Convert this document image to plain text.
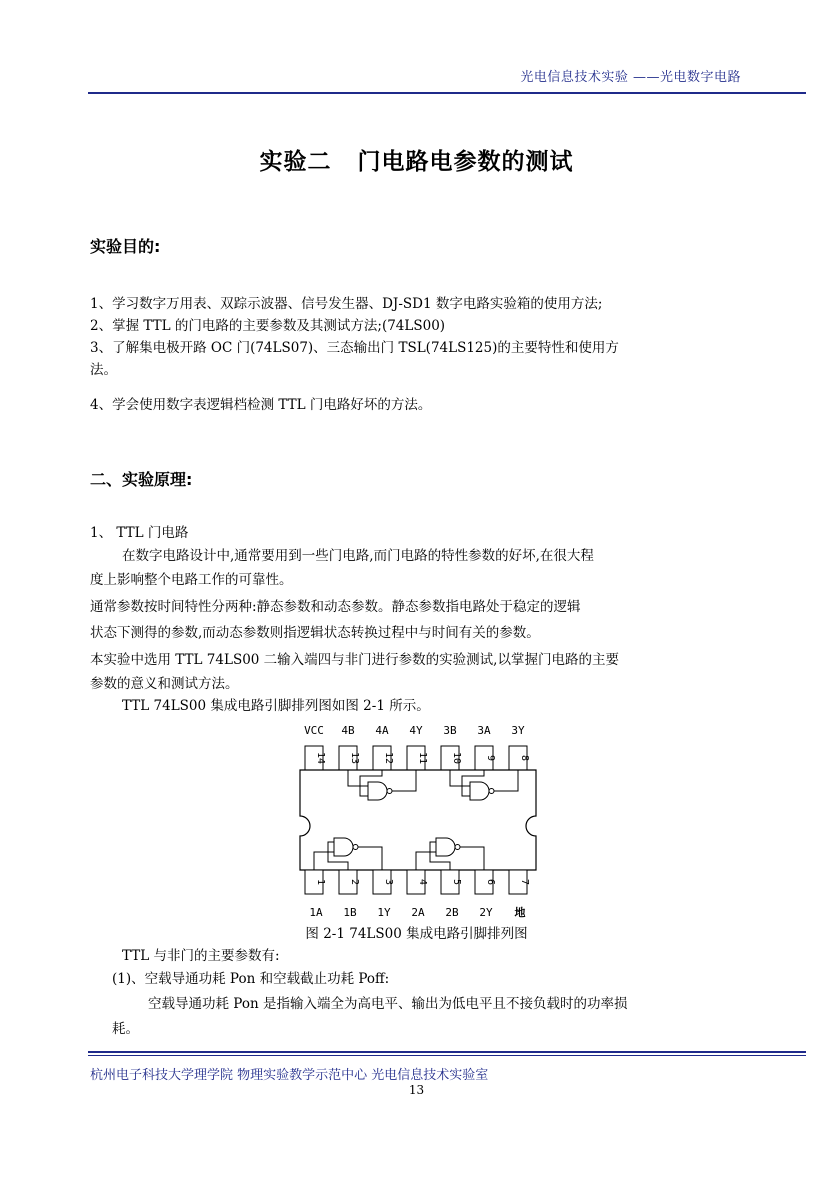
光电信息技术实验 ——光电数字电路
实验二 门电路电参数的测试
实验目的:
1、学习数字万用表、双踪示波器、信号发生器、DJ-SD1 数字电路实验箱的使用方法;
2、掌握 TTL 的门电路的主要参数及其测试方法;(74LS00)
3、了解集电极开路 OC 门(74LS07)、三态输出门 TSL(74LS125)的主要特性和使用方
法。
4、学会使用数字表逻辑档检测 TTL 门电路好坏的方法。
二、实验原理:
1、 TTL 门电路
在数字电路设计中,通常要用到一些门电路,而门电路的特性参数的好坏,在很大程
度上影响整个电路工作的可靠性。
通常参数按时间特性分两种:静态参数和动态参数。静态参数指电路处于稳定的逻辑
状态下测得的参数,而动态参数则指逻辑状态转换过程中与时间有关的参数。
本实验中选用 TTL 74LS00 二输入端四与非门进行参数的实验测试,以掌握门电路的主要
参数的意义和测试方法。
TTL 74LS00 集成电路引脚排列图如图 2-1 所示。
VCC 4B 4A 4Y 3B 3A 3Y
14 13 12 11 10 9 8
1 2 3 4 5 6 7
1A 1B 1Y 2A 2B 2Y 地
图 2-1 74LS00 集成电路引脚排列图
TTL 与非门的主要参数有:
(1)、空载导通功耗 Pon 和空载截止功耗 Poff:
空载导通功耗 Pon 是指输入端全为高电平、输出为低电平且不接负载时的功率损
耗。
杭州电子科技大学理学院 物理实验教学示范中心 光电信息技术实验室
13
